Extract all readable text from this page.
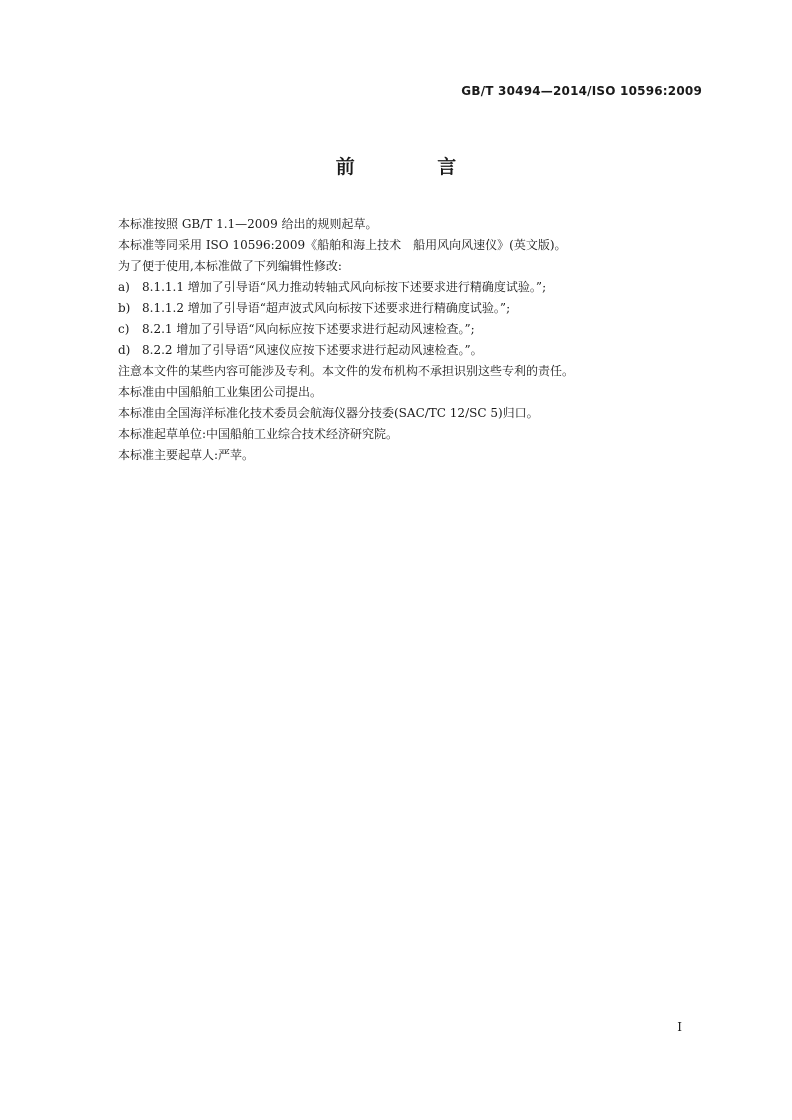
GB/T 30494—2014/ISO 10596:2009
前 言
本标准按照 GB/T 1.1—2009 给出的规则起草。
本标准等同采用 ISO 10596:2009《船舶和海上技术　船用风向风速仪》(英文版)。
为了便于使用,本标准做了下列编辑性修改:
a)	8.1.1.1 增加了引导语“风力推动转轴式风向标按下述要求进行精确度试验。”;
b) 8.1.1.2 增加了引导语“超声波式风向标按下述要求进行精确度试验。”;
c)	8.2.1 增加了引导语“风向标应按下述要求进行起动风速检查。”;
d) 8.2.2 增加了引导语“风速仪应按下述要求进行起动风速检查。”。
注意本文件的某些内容可能涉及专利。本文件的发布机构不承担识别这些专利的责任。
本标准由中国船舶工业集团公司提出。
本标准由全国海洋标准化技术委员会航海仪器分技委(SAC/TC 12/SC 5)归口。
本标准起草单位:中国船舶工业综合技术经济研究院。
本标准主要起草人:严苹。
I
